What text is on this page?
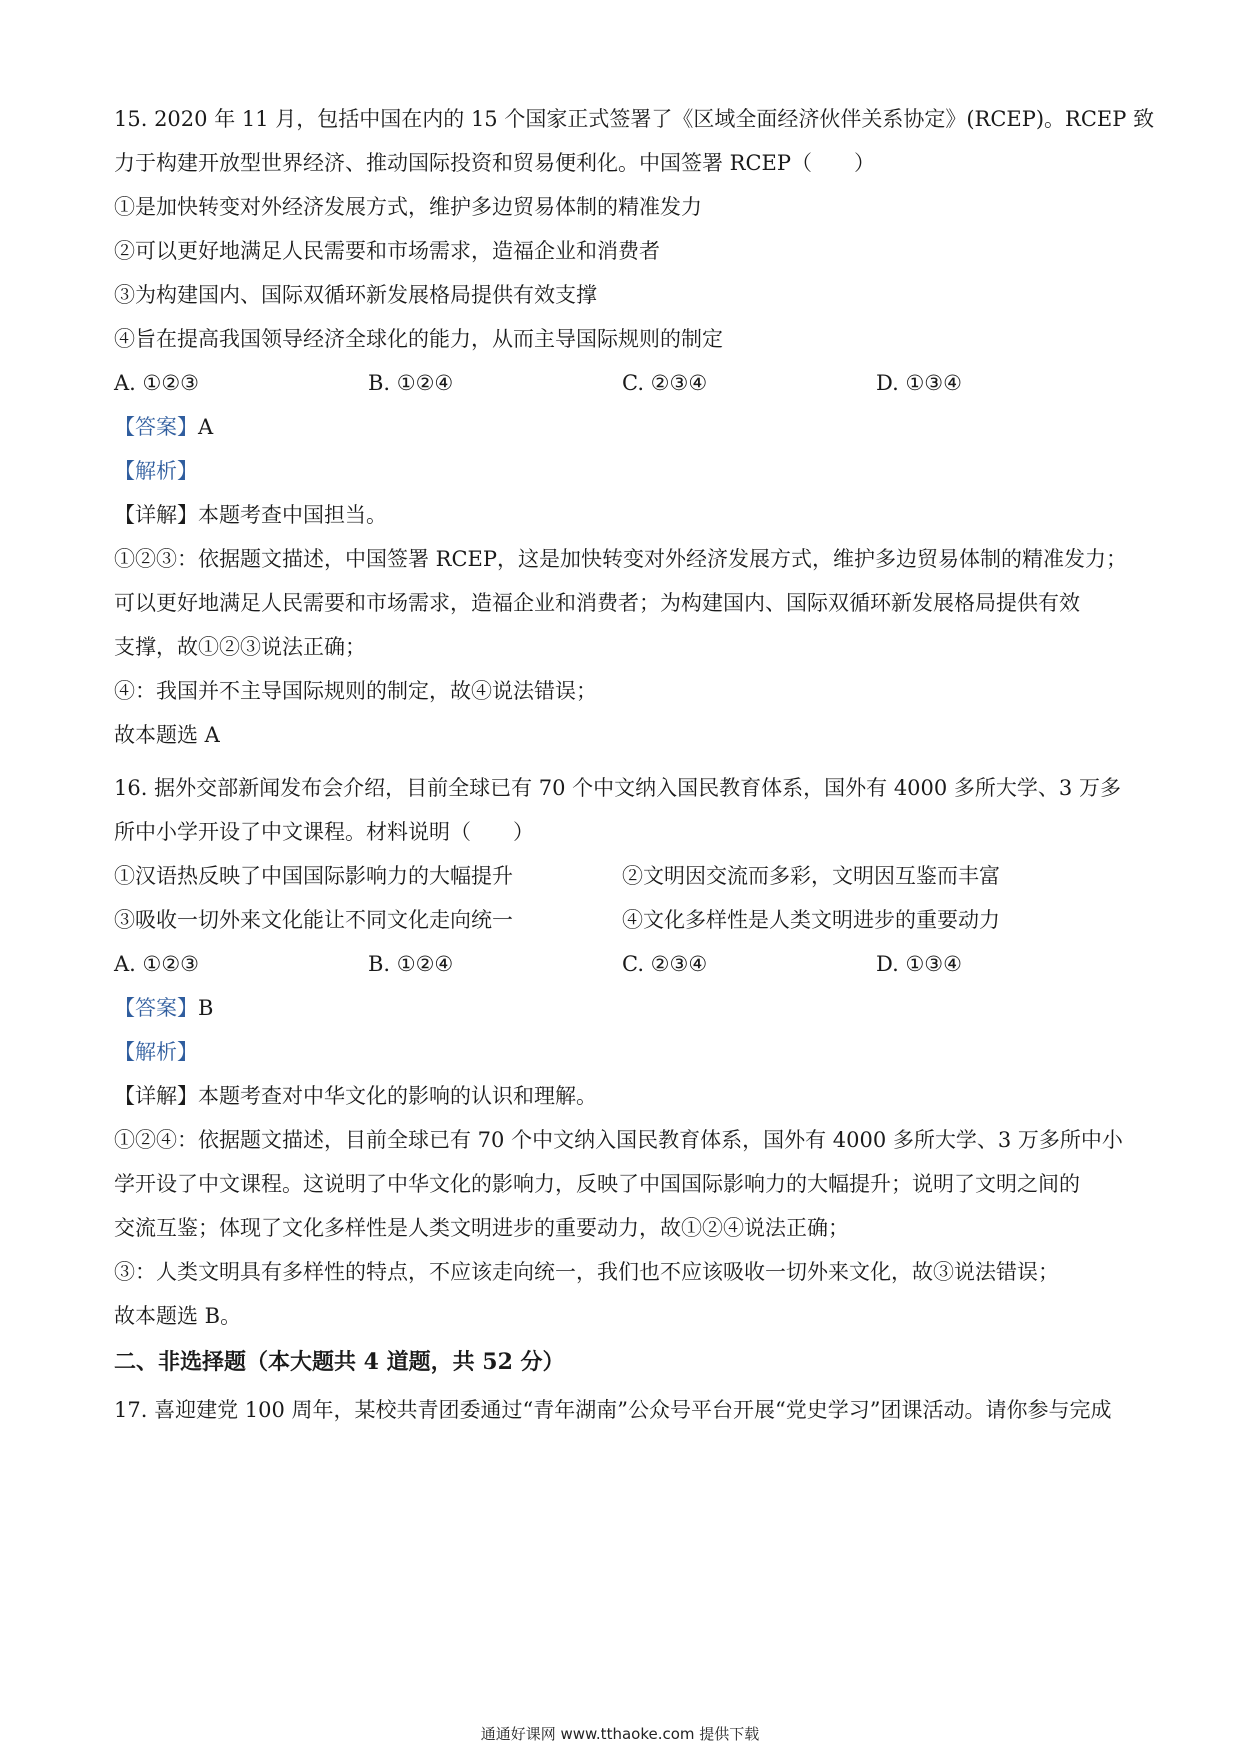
15. 2020 年 11 月，包括中国在内的 15 个国家正式签署了《区域全面经济伙伴关系协定》(RCEP)。RCEP 致
力于构建开放型世界经济、推动国际投资和贸易便利化。中国签署 RCEP（　　）
①是加快转变对外经济发展方式，维护多边贸易体制的精准发力
②可以更好地满足人民需要和市场需求，造福企业和消费者
③为构建国内、国际双循环新发展格局提供有效支撑
④旨在提高我国领导经济全球化的能力，从而主导国际规则的制定
A. ①②③	B. ①②④	C. ②③④	D. ①③④
【答案】A
【解析】
【详解】本题考查中国担当。
①②③：依据题文描述，中国签署 RCEP，这是加快转变对外经济发展方式，维护多边贸易体制的精准发力；
可以更好地满足人民需要和市场需求，造福企业和消费者；为构建国内、国际双循环新发展格局提供有效
支撑，故①②③说法正确；
④：我国并不主导国际规则的制定，故④说法错误；
故本题选 A
16. 据外交部新闻发布会介绍，目前全球已有 70 个中文纳入国民教育体系，国外有 4000 多所大学、3 万多
所中小学开设了中文课程。材料说明（　　）
①汉语热反映了中国国际影响力的大幅提升	②文明因交流而多彩，文明因互鉴而丰富
③吸收一切外来文化能让不同文化走向统一	④文化多样性是人类文明进步的重要动力
A. ①②③	B. ①②④	C. ②③④	D. ①③④
【答案】B
【解析】
【详解】本题考查对中华文化的影响的认识和理解。
①②④：依据题文描述，目前全球已有 70 个中文纳入国民教育体系，国外有 4000 多所大学、3 万多所中小
学开设了中文课程。这说明了中华文化的影响力，反映了中国国际影响力的大幅提升；说明了文明之间的
交流互鉴；体现了文化多样性是人类文明进步的重要动力，故①②④说法正确；
③：人类文明具有多样性的特点，不应该走向统一，我们也不应该吸收一切外来文化，故③说法错误；
故本题选 B。
二、非选择题（本大题共 4 道题，共 52 分）
17. 喜迎建党 100 周年，某校共青团委通过“青年湖南”公众号平台开展“党史学习”团课活动。请你参与完成
通通好课网 www.tthaoke.com 提供下载
